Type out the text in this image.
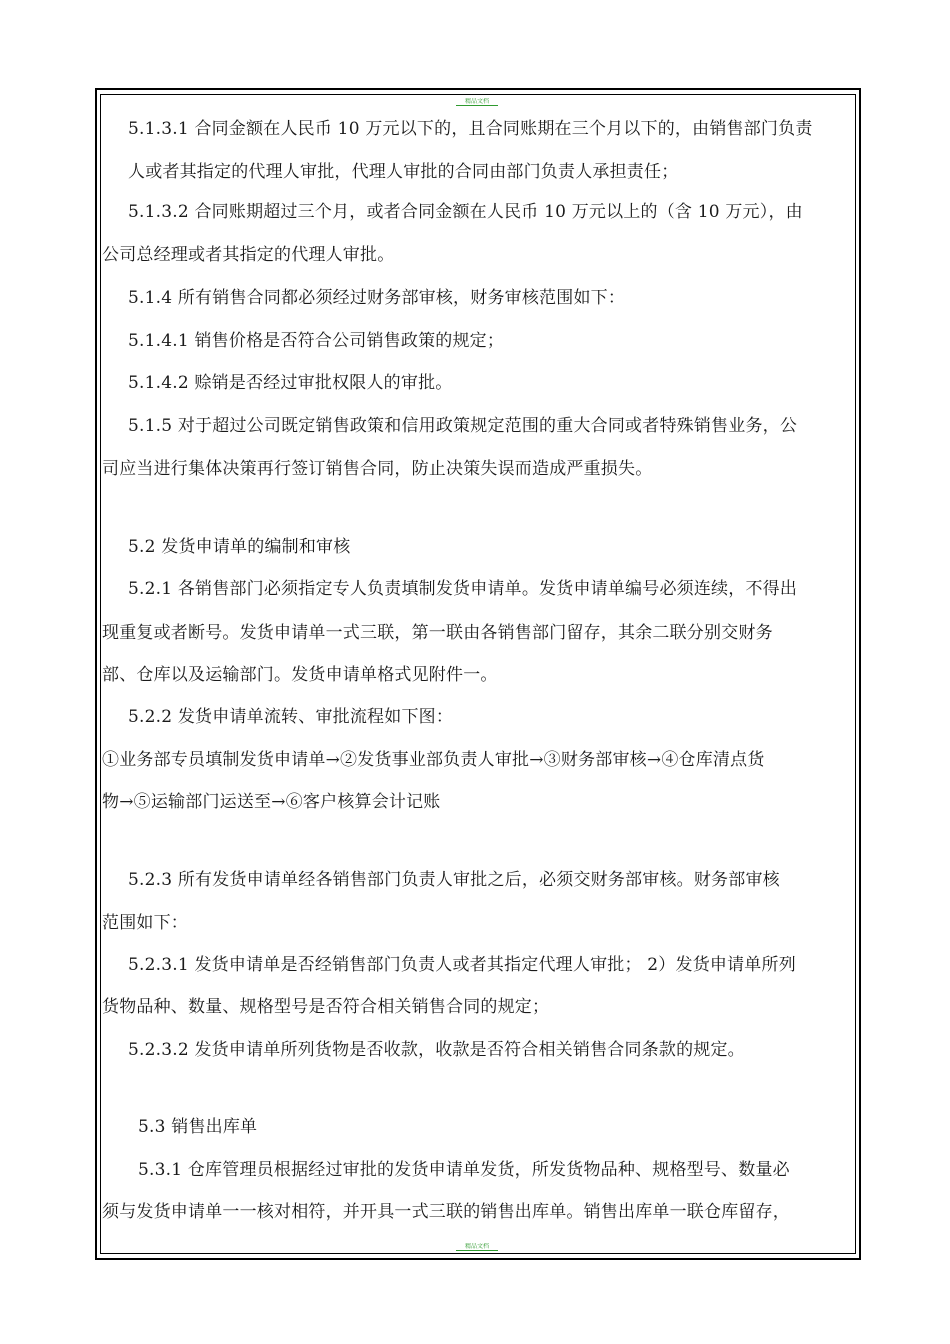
精品文档
精品文档
5.1.3.1 合同金额在人民币 10 万元以下的，且合同账期在三个月以下的，由销售部门负责
人或者其指定的代理人审批，代理人审批的合同由部门负责人承担责任；
5.1.3.2 合同账期超过三个月，或者合同金额在人民币 10 万元以上的（含 10 万元），由
公司总经理或者其指定的代理人审批。
5.1.4 所有销售合同都必须经过财务部审核，财务审核范围如下：
5.1.4.1 销售价格是否符合公司销售政策的规定；
5.1.4.2 赊销是否经过审批权限人的审批。
5.1.5 对于超过公司既定销售政策和信用政策规定范围的重大合同或者特殊销售业务，公
司应当进行集体决策再行签订销售合同，防止决策失误而造成严重损失。
5.2 发货申请单的编制和审核
5.2.1 各销售部门必须指定专人负责填制发货申请单。发货申请单编号必须连续，不得出
现重复或者断号。发货申请单一式三联，第一联由各销售部门留存，其余二联分别交财务
部、仓库以及运输部门。发货申请单格式见附件一。
5.2.2 发货申请单流转、审批流程如下图：
①业务部专员填制发货申请单→②发货事业部负责人审批→③财务部审核→④仓库清点货
物→⑤运输部门运送至→⑥客户核算会计记账
5.2.3 所有发货申请单经各销售部门负责人审批之后，必须交财务部审核。财务部审核
范围如下：
5.2.3.1 发货申请单是否经销售部门负责人或者其指定代理人审批； 2）发货申请单所列
货物品种、数量、规格型号是否符合相关销售合同的规定；
5.2.3.2 发货申请单所列货物是否收款，收款是否符合相关销售合同条款的规定。
5.3 销售出库单
5.3.1 仓库管理员根据经过审批的发货申请单发货，所发货物品种、规格型号、数量必
须与发货申请单一一核对相符，并开具一式三联的销售出库单。销售出库单一联仓库留存，
